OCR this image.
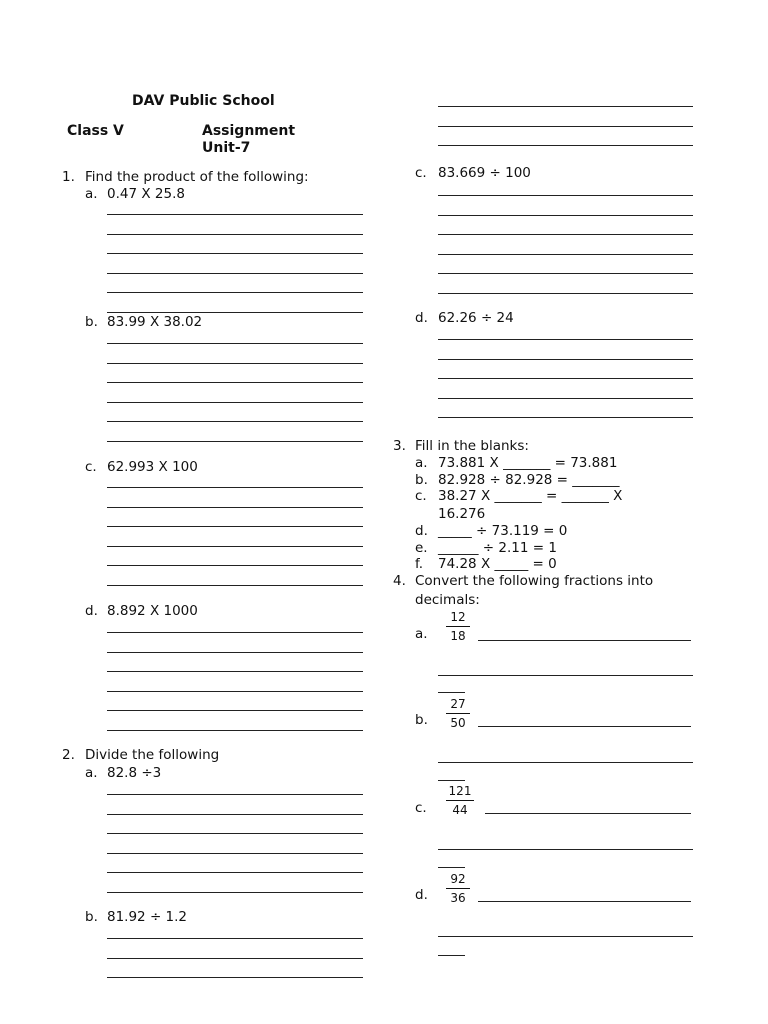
DAV Public School
Class V	Assignment
Unit-7
1. Find the product of the following:
a. 0.47 X 25.8
b. 83.99 X 38.02
c. 62.993 X 100
d. 8.892 X 1000
2. Divide the following
a. 82.8 ÷3
b. 81.92 ÷ 1.2
c. 83.669 ÷ 100
d. 62.26 ÷ 24
3. Fill in the blanks:
a. 73.881 X _______ = 73.881
b. 82.928 ÷ 82.928 = _______
c. 38.27 X _______ = _______ X
16.276
d. _____ ÷ 73.119 = 0
e. ______ ÷ 2.11 = 1
f. 74.28 X _____ = 0
4. Convert the following fractions into
decimals:
a.
12
18
b.
27
50
c.
121
44
d.
92
36
